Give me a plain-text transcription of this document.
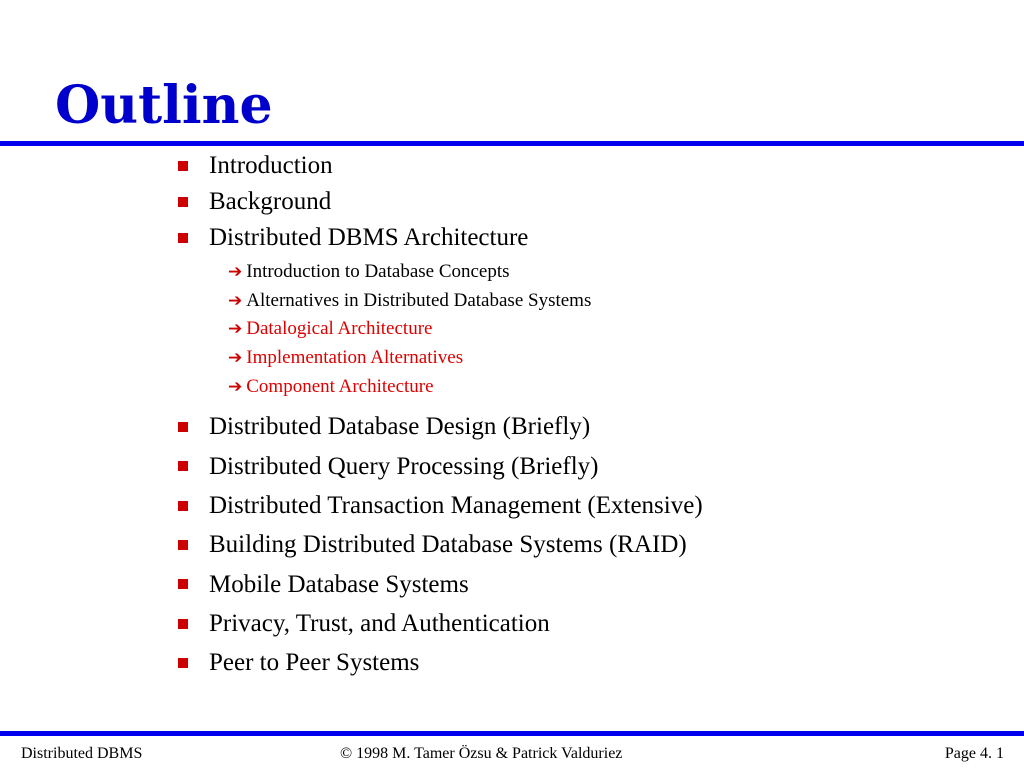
Outline
Introduction
Background
Distributed DBMS Architecture
➔ Introduction to Database Concepts
➔ Alternatives in Distributed Database Systems
➔ Datalogical Architecture
➔ Implementation Alternatives
➔ Component Architecture
Distributed Database Design (Briefly)
Distributed Query Processing (Briefly)
Distributed Transaction Management (Extensive)
Building Distributed Database Systems (RAID)
Mobile Database Systems
Privacy, Trust, and Authentication
Peer to Peer Systems
Distributed DBMS	© 1998 M. Tamer Özsu & Patrick Valduriez	Page 4. 1
